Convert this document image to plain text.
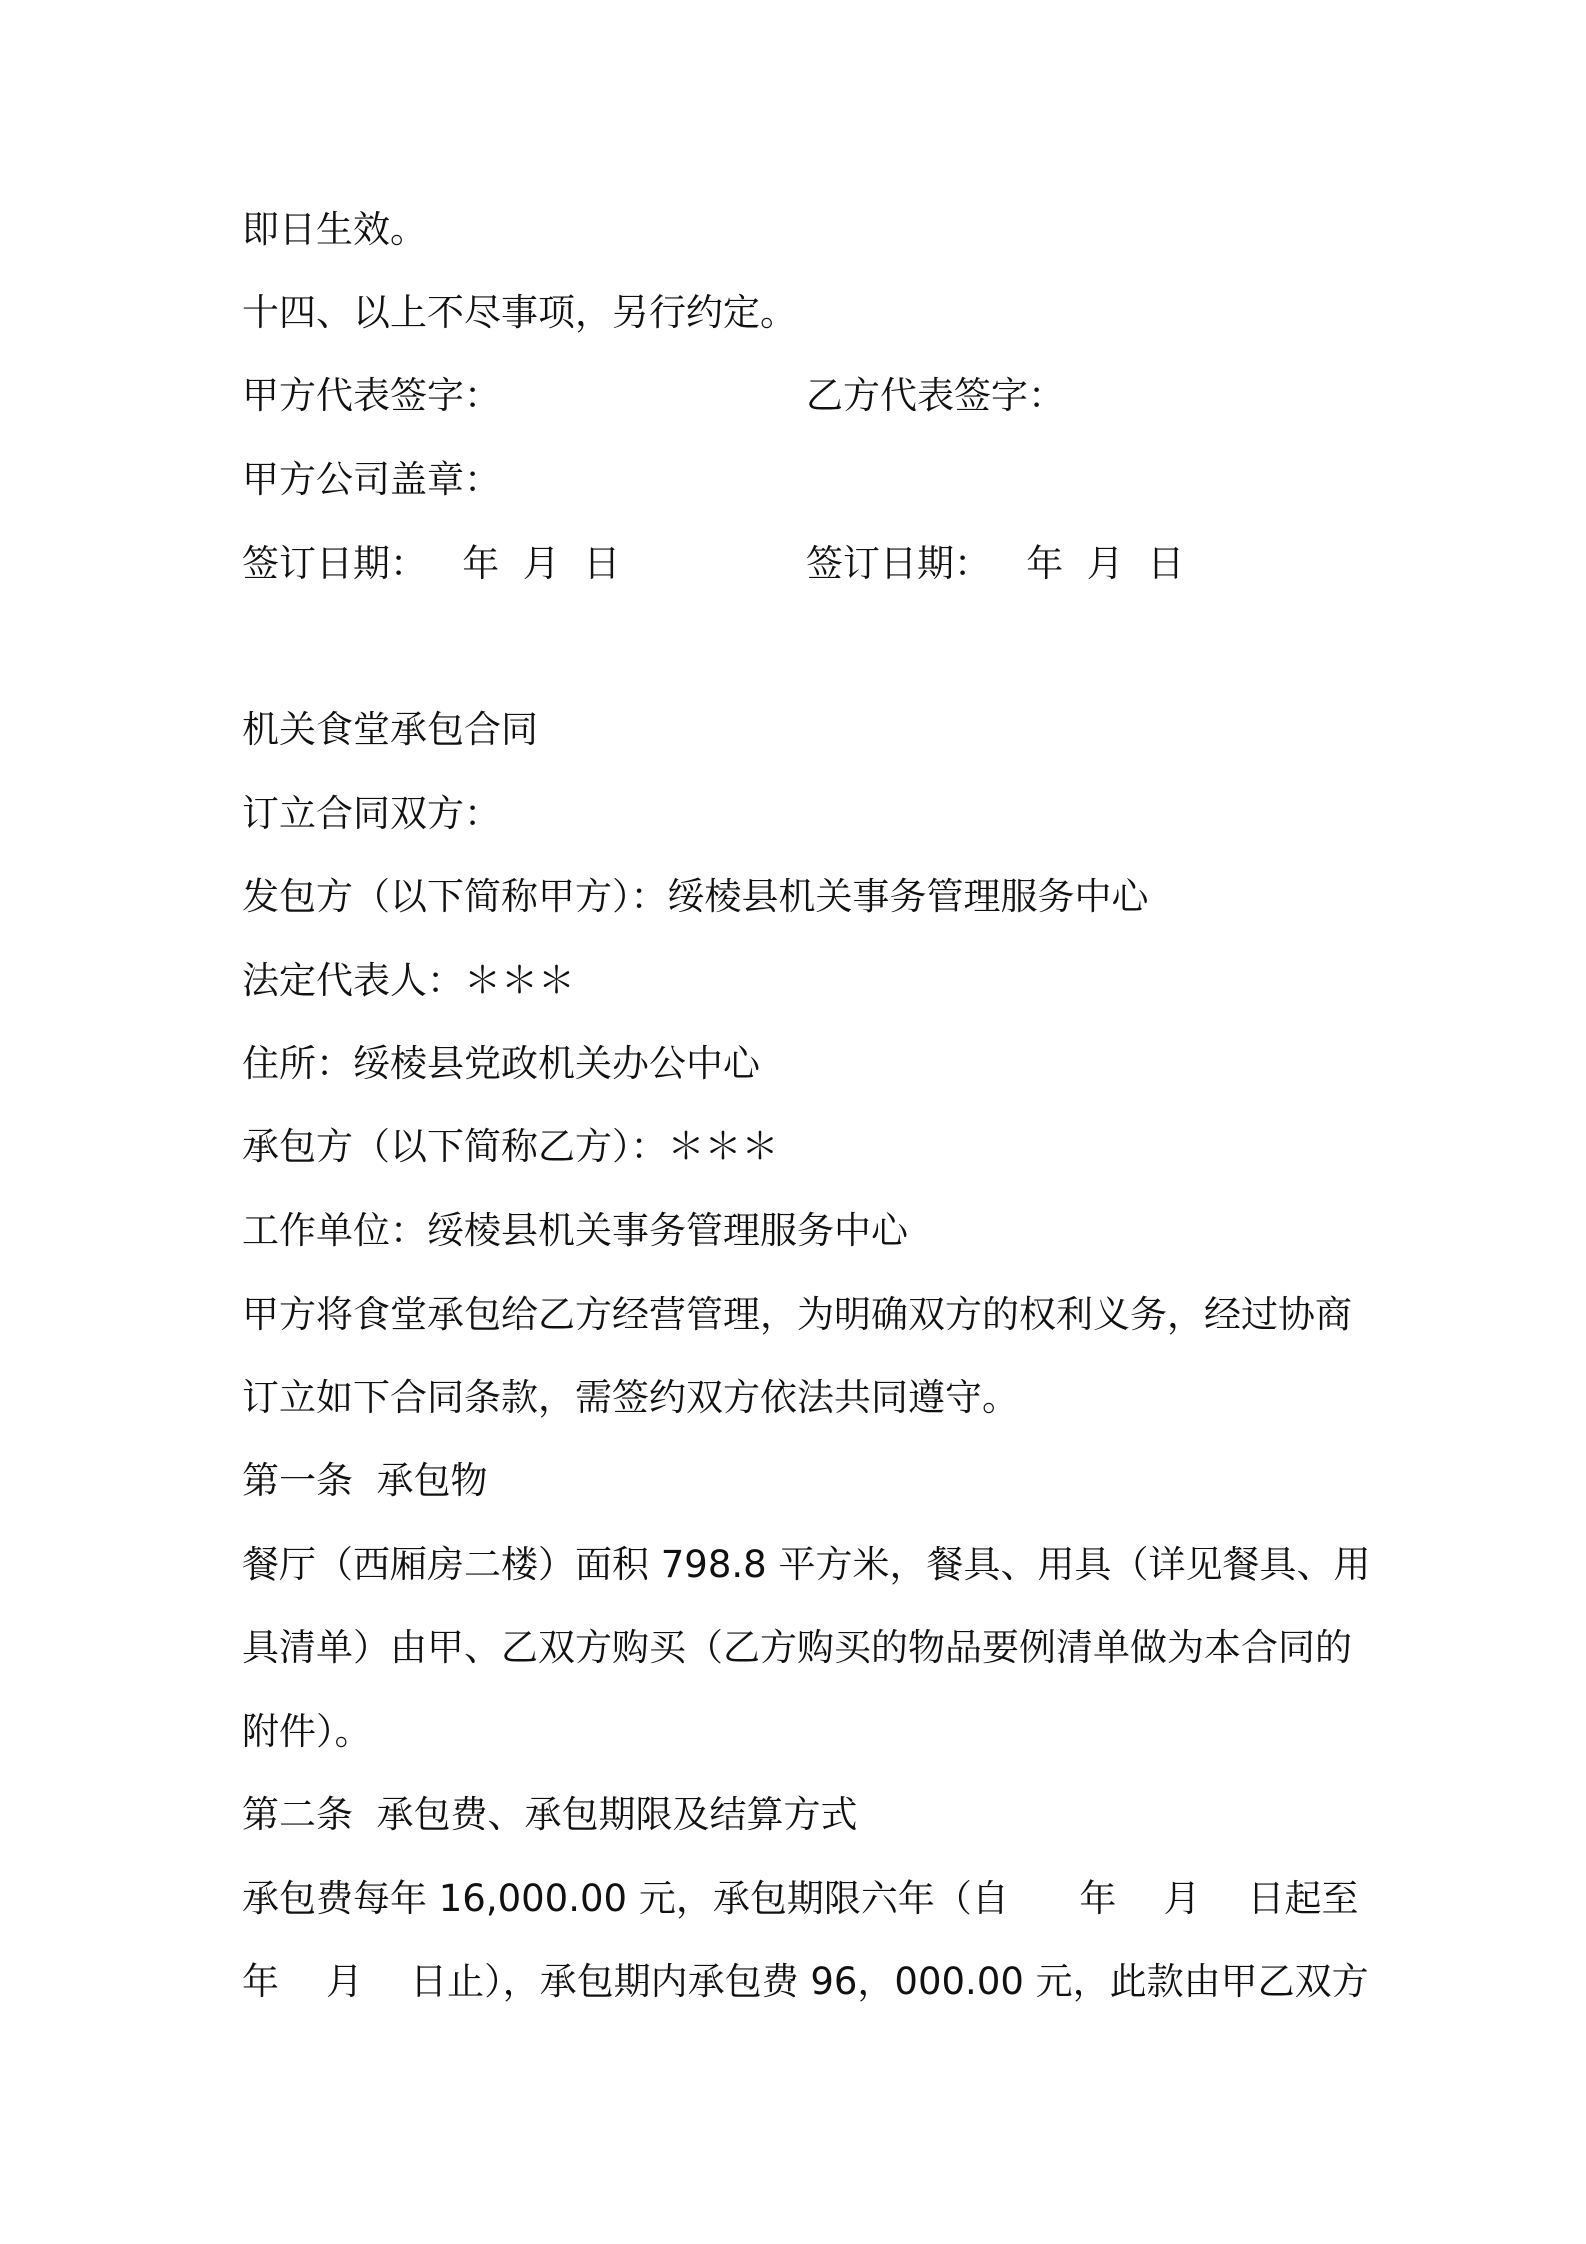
即日生效。
十四、以上不尽事项，另行约定。
甲方代表签字：	乙方代表签字：
甲方公司盖章：
签订日期：   年  月  日	签订日期：   年  月  日
机关食堂承包合同
订立合同双方：
发包方（以下简称甲方）：绥棱县机关事务管理服务中心
法定代表人：＊＊＊
住所：绥棱县党政机关办公中心
承包方（以下简称乙方）：＊＊＊
工作单位：绥棱县机关事务管理服务中心
甲方将食堂承包给乙方经营管理，为明确双方的权利义务，经过协商
订立如下合同条款，需签约双方依法共同遵守。
第一条  承包物
餐厅（西厢房二楼）面积 798.8 平方米，餐具、用具（详见餐具、用
具清单）由甲、乙双方购买（乙方购买的物品要例清单做为本合同的
附件）。
第二条  承包费、承包期限及结算方式
承包费每年 16,000.00 元，承包期限六年（自      年    月    日起至
年    月    日止），承包期内承包费 96，000.00 元，此款由甲乙双方
